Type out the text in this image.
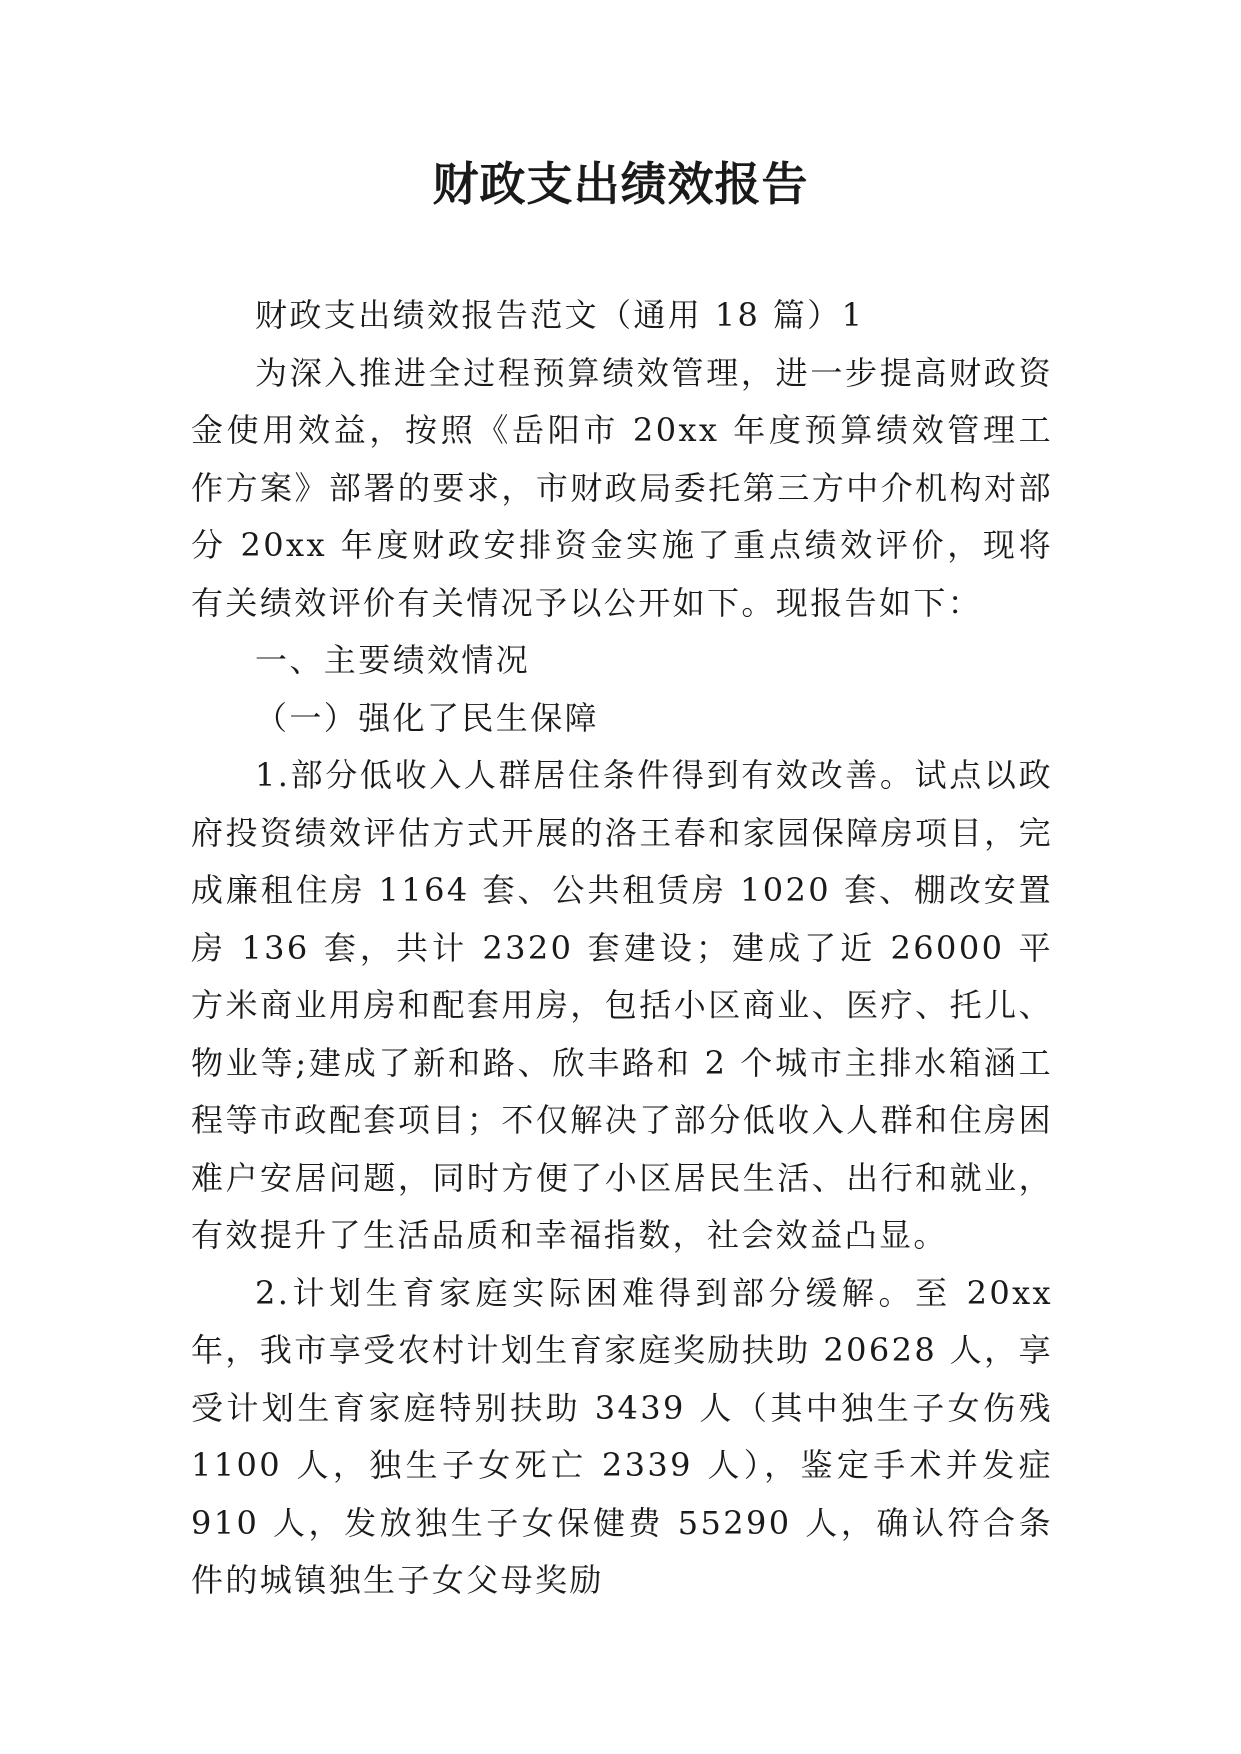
财政支出绩效报告

财政支出绩效报告范文（通用 18 篇）1

为深入推进全过程预算绩效管理，进一步提高财政资金使用效益，按照《岳阳市 20xx 年度预算绩效管理工作方案》部署的要求，市财政局委托第三方中介机构对部分 20xx 年度财政安排资金实施了重点绩效评价，现将有关绩效评价有关情况予以公开如下。现报告如下：

一、主要绩效情况

（一）强化了民生保障

1.部分低收入人群居住条件得到有效改善。试点以政府投资绩效评估方式开展的洛王春和家园保障房项目，完成廉租住房 1164 套、公共租赁房 1020 套、棚改安置房 136 套，共计 2320 套建设；建成了近 26000 平方米商业用房和配套用房，包括小区商业、医疗、托儿、物业等;建成了新和路、欣丰路和 2 个城市主排水箱涵工程等市政配套项目；不仅解决了部分低收入人群和住房困难户安居问题，同时方便了小区居民生活、出行和就业，有效提升了生活品质和幸福指数，社会效益凸显。

2.计划生育家庭实际困难得到部分缓解。至 20xx 年，我市享受农村计划生育家庭奖励扶助 20628 人，享受计划生育家庭特别扶助 3439 人（其中独生子女伤残 1100 人，独生子女死亡 2339 人），鉴定手术并发症 910 人，发放独生子女保健费 55290 人，确认符合条件的城镇独生子女父母奖励
